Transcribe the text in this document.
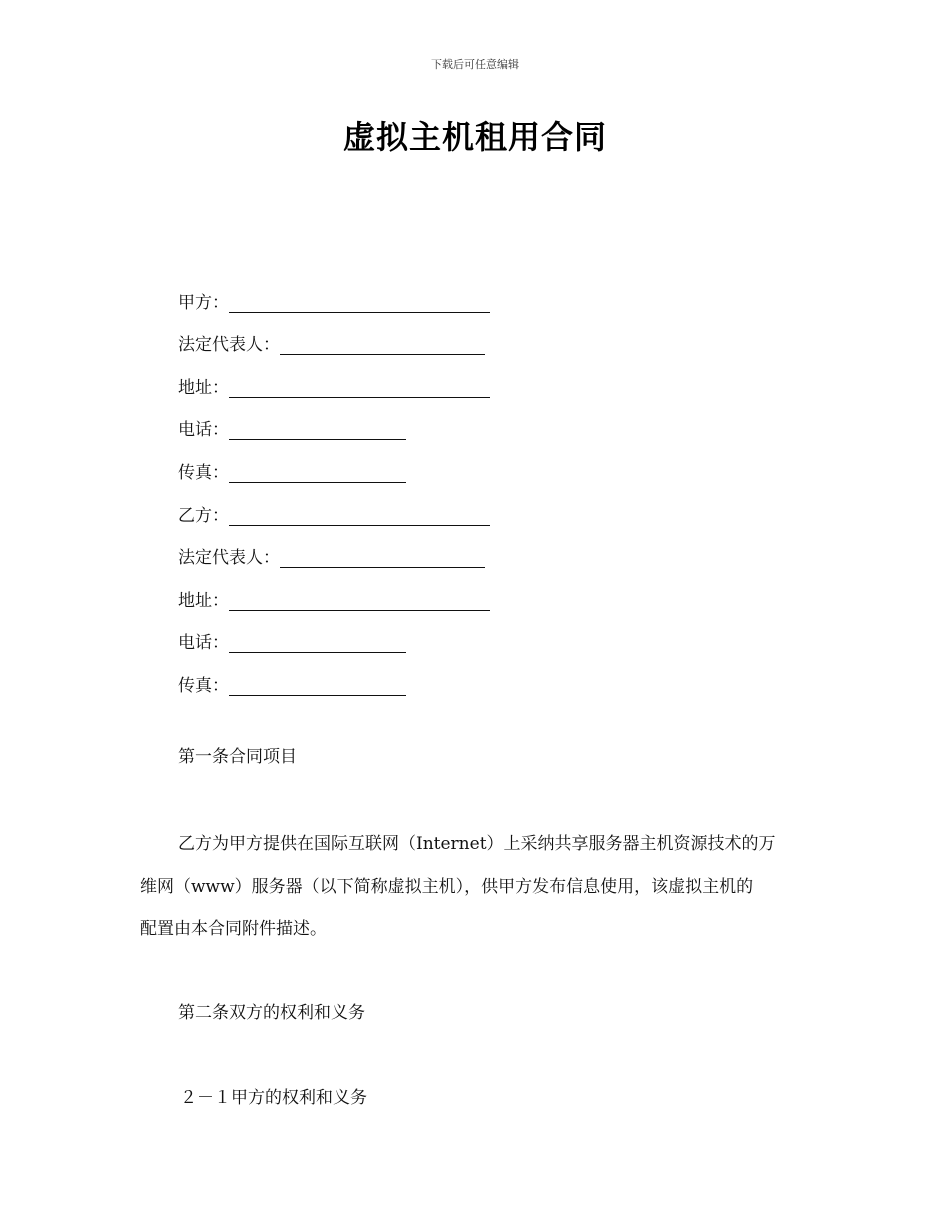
下载后可任意编辑
虚拟主机租用合同
甲方：
法定代表人：
地址：
电话：
传真：
乙方：
法定代表人：
地址：
电话：
传真：
第一条合同项目
乙方为甲方提供在国际互联网（Internet）上采纳共享服务器主机资源技术的万
维网（www）服务器（以下简称虚拟主机），供甲方发布信息使用，该虚拟主机的
配置由本合同附件描述。
第二条双方的权利和义务
２－１甲方的权利和义务
